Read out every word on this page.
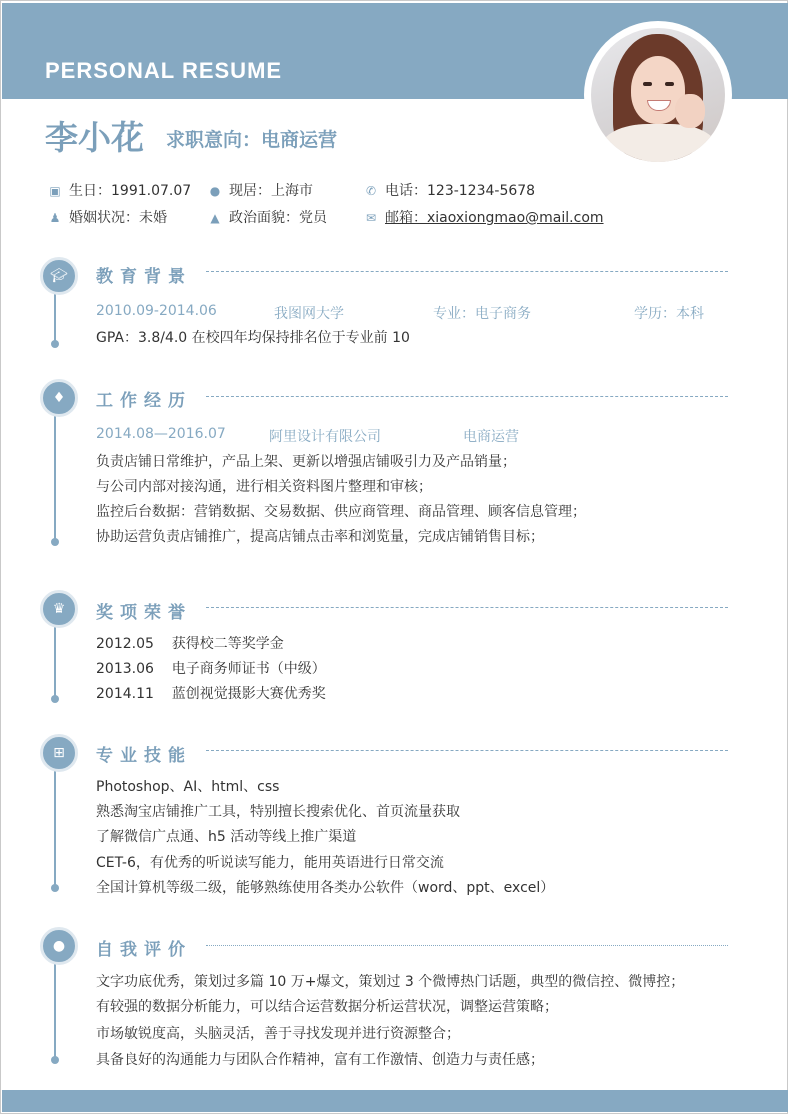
PERSONAL RESUME
李小花 求职意向：电商运营
▣ 生日：1991.07.07 ● 现居：上海市	✆ 电话：123-1234-5678
♟ 婚姻状况：未婚	▲ 政治面貌：党员	✉ 邮箱：xiaoxiongmao@mail.com
🎓︎	教育背景
2010.09-2014.06	我图网大学	专业：电子商务	学历：本科
GPA：3.8/4.0 在校四年均保持排名位于专业前 10
♦	工作经历
2014.08—2016.07	阿里设计有限公司	电商运营
负责店铺日常维护，产品上架、更新以增强店铺吸引力及产品销量；
与公司内部对接沟通，进行相关资料图片整理和审核；
监控后台数据：营销数据、交易数据、供应商管理、商品管理、顾客信息管理；
协助运营负责店铺推广，提高店铺点击率和浏览量，完成店铺销售目标；
♛	奖项荣誉
2012.05 获得校二等奖学金
2013.06 电子商务师证书（中级）
2014.11 蓝创视觉摄影大赛优秀奖
⊞	专业技能
Photoshop、AI、html、css
熟悉淘宝店铺推广工具，特别擅长搜索优化、首页流量获取
了解微信广点通、h5 活动等线上推广渠道
CET-6，有优秀的听说读写能力，能用英语进行日常交流
全国计算机等级二级，能够熟练使用各类办公软件（word、ppt、excel）
●	自我评价
文字功底优秀，策划过多篇 10 万+爆文，策划过 3 个微博热门话题，典型的微信控、微博控；
有较强的数据分析能力，可以结合运营数据分析运营状况，调整运营策略；
市场敏锐度高，头脑灵活，善于寻找发现并进行资源整合；
具备良好的沟通能力与团队合作精神，富有工作激情、创造力与责任感；
